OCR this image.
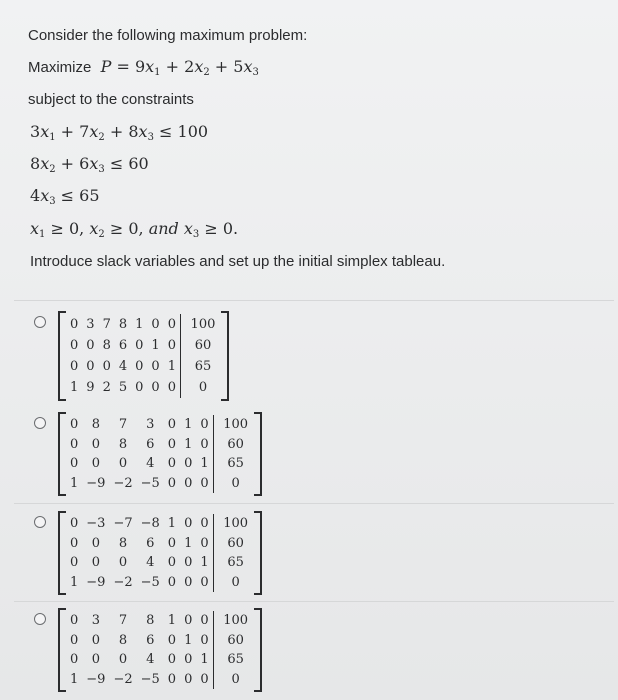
Consider the following maximum problem:
Maximize $P = 9x_1 + 2x_2 + 5x_3$
subject to the constraints
$3x_1 + 7x_2 + 8x_3 \le 100$
$8x_2 + 6x_3 \le 60$
$4x_3 \le 65$
$x_1 \ge 0$, $x_2 \ge 0$, and $x_3 \ge 0$.
Introduce slack variables and set up the initial simplex tableau.
0	3	7	8	1	0	0	100
0	0	8	6	0	1	0	60
0	0	0	4	0	0	1	65
1	9	2	5	0	0	0	0
0	8	7	3	0	1	0	100
0	0	8	6	0	1	0	60
0	0	0	4	0	0	1	65
1	−9	−2	−5	0	0	0	0
0	−3	−7	−8	1	0	0	100
0	0	8	6	0	1	0	60
0	0	0	4	0	0	1	65
1	−9	−2	−5	0	0	0	0
0	3	7	8	1	0	0	100
0	0	8	6	0	1	0	60
0	0	0	4	0	0	1	65
1	−9	−2	−5	0	0	0	0
